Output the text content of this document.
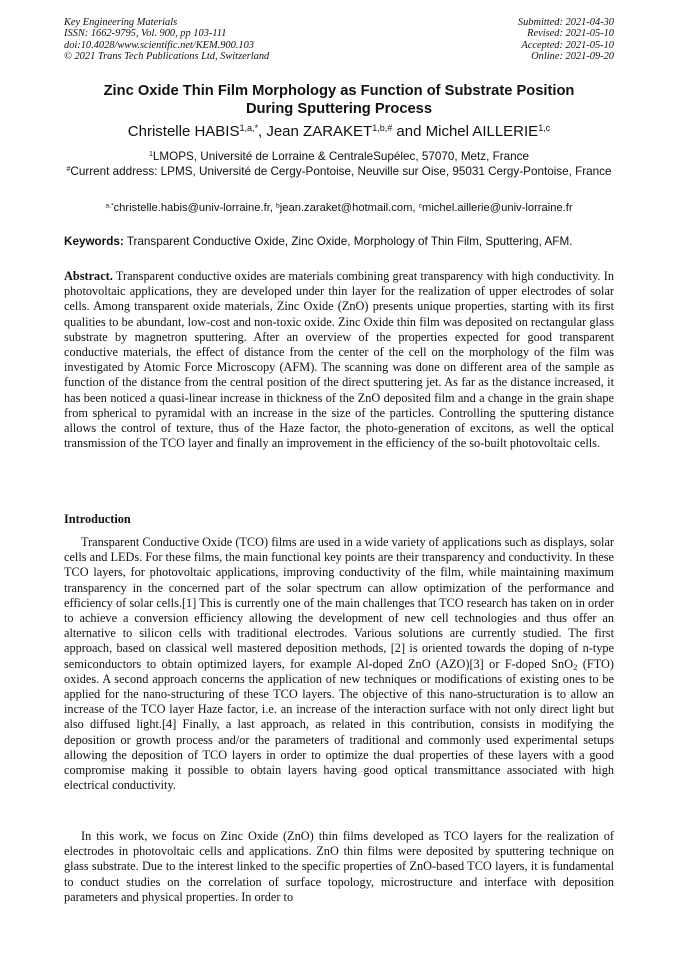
Key Engineering Materials
ISSN: 1662-9795, Vol. 900, pp 103-111
doi:10.4028/www.scientific.net/KEM.900.103
© 2021 Trans Tech Publications Ltd, Switzerland
Submitted: 2021-04-30
Revised: 2021-05-10
Accepted: 2021-05-10
Online: 2021-09-20
Zinc Oxide Thin Film Morphology as Function of Substrate Position
During Sputtering Process
Christelle $HABIS^{1,a,*}$, Jean $ZARAKET^{1,b,\#}$ and Michel AILLERIE$^{1,c}$
$^1$LMOPS, Université de Lorraine & CentraleSupélec, 57070, Metz, France
#Current address: LPMS, Université de Cergy-Pontoise, Neuville sur Oise, 95031 Cergy-Pontoise, France
$^{a,*}$christelle.habis@univ-lorraine.fr, $^b$jean.zaraket@hotmail.com, $^c$michel.aillerie@univ-lorraine.fr
Keywords: Transparent Conductive Oxide, Zinc Oxide, Morphology of Thin Film, Sputtering, AFM.
Abstract. Transparent conductive oxides are materials combining great transparency with high conductivity. In photovoltaic applications, they are developed under thin layer for the realization of upper electrodes of solar cells. Among transparent oxide materials, Zinc Oxide (ZnO) presents unique properties, starting with its first qualities to be abundant, low-cost and non-toxic oxide. Zinc Oxide thin film was deposited on rectangular glass substrate by magnetron sputtering. After an overview of the properties expected for good transparent conductive materials, the effect of distance from the center of the cell on the morphology of the film was investigated by Atomic Force Microscopy (AFM). The scanning was done on different area of the sample as function of the distance from the central position of the direct sputtering jet. As far as the distance increased, it has been noticed a quasi-linear increase in thickness of the ZnO deposited film and a change in the grain shape from spherical to pyramidal with an increase in the size of the particles. Controlling the sputtering distance allows the control of texture, thus of the Haze factor, the photo-generation of excitons, as well the optical transmission of the TCO layer and finally an improvement in the efficiency of the so-built photovoltaic cells.
Introduction
Transparent Conductive Oxide (TCO) films are used in a wide variety of applications such as displays, solar cells and LEDs. For these films, the main functional key points are their transparency and conductivity. In these TCO layers, for photovoltaic applications, improving conductivity of the film, while maintaining maximum transparency in the concerned part of the solar spectrum can allow optimization of the performance and efficiency of solar cells.[1] This is currently one of the main challenges that TCO research has taken on in order to achieve a conversion efficiency allowing the development of new cell technologies and thus offer an alternative to silicon cells with traditional electrodes. Various solutions are currently studied. The first approach, based on classical well mastered deposition methods, [2] is oriented towards the doping of n-type semiconductors to obtain optimized layers, for example Al-doped ZnO (AZO)[3] or F-doped SnO$_2$ (FTO) oxides. A second approach concerns the application of new techniques or modifications of existing ones to be applied for the nano-structuring of these TCO layers. The objective of this nano-structuration is to allow an increase of the TCO layer Haze factor, i.e. an increase of the interaction surface with not only direct light but also diffused light.[4] Finally, a last approach, as related in this contribution, consists in modifying the deposition or growth process and/or the parameters of traditional and commonly used experimental setups allowing the deposition of TCO layers in order to optimize the dual properties of these layers with a good compromise making it possible to obtain layers having good optical transmittance associated with high electrical conductivity.
In this work, we focus on Zinc Oxide (ZnO) thin films developed as TCO layers for the realization of electrodes in photovoltaic cells and applications. ZnO thin films were deposited by sputtering technique on glass substrate. Due to the interest linked to the specific properties of ZnO-based TCO layers, it is fundamental to conduct studies on the correlation of surface topology, microstructure and interface with deposition parameters and physical properties. In order to
